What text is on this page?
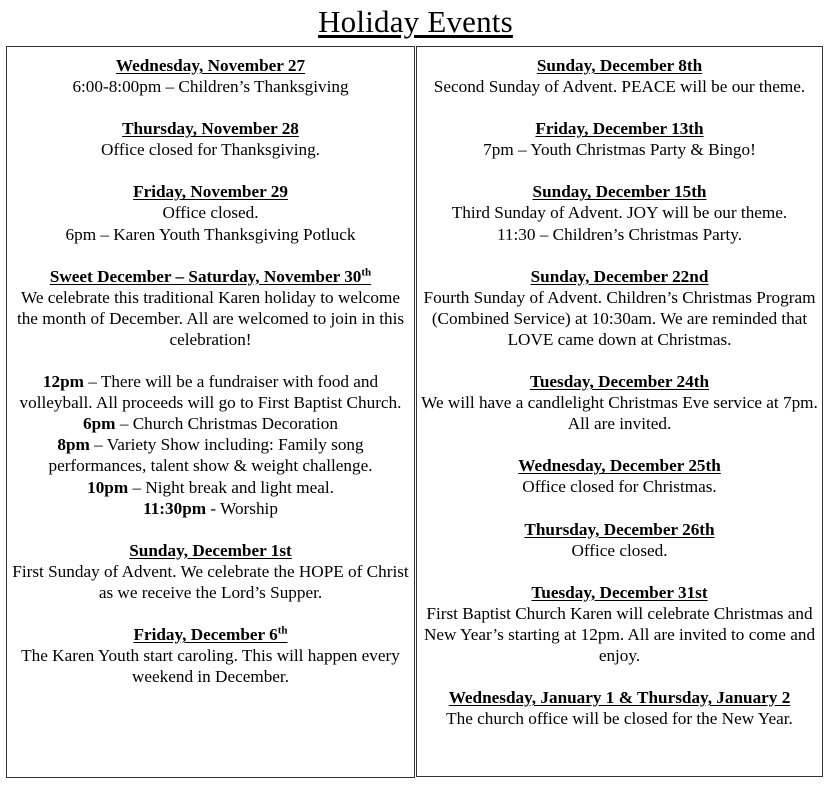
Holiday Events
Wednesday, November 27
6:00-8:00pm – Children’s Thanksgiving
Thursday, November 28
Office closed for Thanksgiving.
Friday, November 29
Office closed.
6pm – Karen Youth Thanksgiving Potluck
Sweet December – Saturday, November 30th
We celebrate this traditional Karen holiday to welcome the month of December. All are welcomed to join in this celebration!
12pm – There will be a fundraiser with food and volleyball. All proceeds will go to First Baptist Church.
6pm – Church Christmas Decoration
8pm – Variety Show including: Family song performances, talent show & weight challenge.
10pm – Night break and light meal.
11:30pm - Worship
Sunday, December 1st
First Sunday of Advent. We celebrate the HOPE of Christ as we receive the Lord’s Supper.
Friday, December 6th
The Karen Youth start caroling. This will happen every weekend in December.
Sunday, December 8th
Second Sunday of Advent. PEACE will be our theme.
Friday, December 13th
7pm – Youth Christmas Party & Bingo!
Sunday, December 15th
Third Sunday of Advent. JOY will be our theme.
11:30 – Children’s Christmas Party.
Sunday, December 22nd
Fourth Sunday of Advent. Children’s Christmas Program (Combined Service) at 10:30am. We are reminded that LOVE came down at Christmas.
Tuesday, December 24th
We will have a candlelight Christmas Eve service at 7pm. All are invited.
Wednesday, December 25th
Office closed for Christmas.
Thursday, December 26th
Office closed.
Tuesday, December 31st
First Baptist Church Karen will celebrate Christmas and New Year’s starting at 12pm. All are invited to come and enjoy.
Wednesday, January 1 & Thursday, January 2
The church office will be closed for the New Year.
